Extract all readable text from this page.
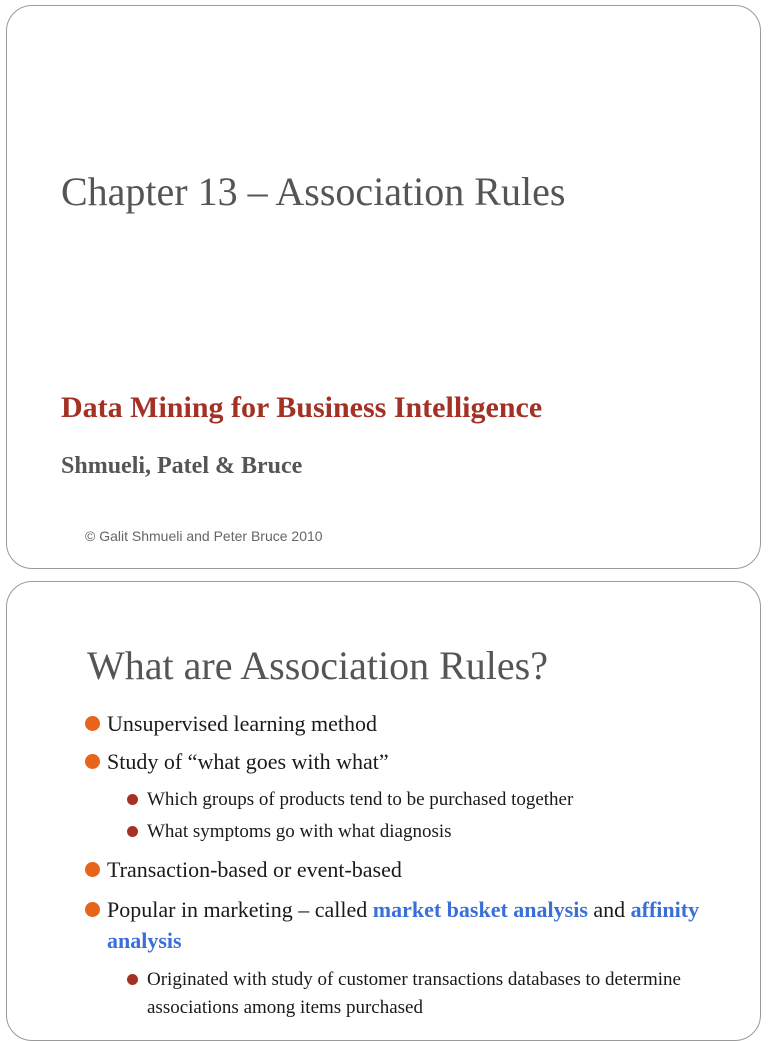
Chapter 13 – Association Rules
Data Mining for Business Intelligence
Shmueli, Patel & Bruce
© Galit Shmueli and Peter Bruce 2010
What are Association Rules?
Unsupervised learning method
Study of “what goes with what”
Which groups of products tend to be purchased together
What symptoms go with what diagnosis
Transaction-based or event-based
Popular in marketing – called market basket analysis and affinity analysis
Originated with study of customer transactions databases to determine associations among items purchased
